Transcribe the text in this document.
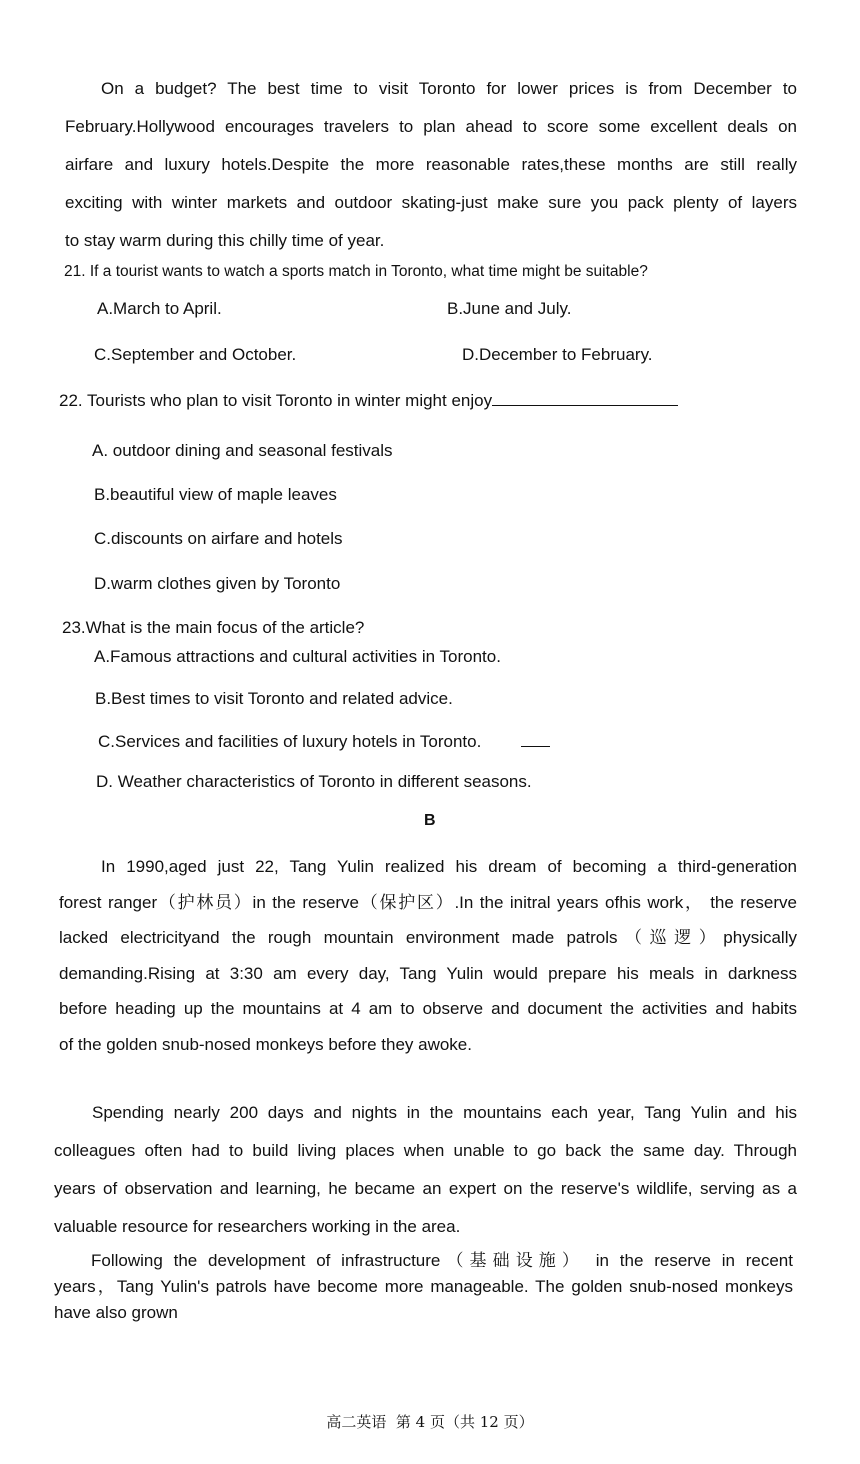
On a budget? The best time to visit Toronto for lower prices is from December to
February.Hollywood encourages travelers to plan ahead to score some excellent deals on
airfare and luxury hotels.Despite the more reasonable rates,these months are still really
exciting with winter markets and outdoor skating-just make sure you pack plenty of layers
to stay warm during this chilly time of year.
21. If a tourist wants to watch a sports match in Toronto, what time might be suitable?
A.March to April.	B.June and July.
C.September and October.	D.December to February.
22. Tourists who plan to visit Toronto in winter might enjoy
A. outdoor dining and seasonal festivals
B.beautiful view of maple leaves
C.discounts on airfare and hotels
D.warm clothes given by Toronto
23.What is the main focus of the article?
A.Famous attractions and cultural activities in Toronto.
B.Best times to visit Toronto and related advice.
C.Services and facilities of luxury hotels in Toronto.
D. Weather characteristics of Toronto in different seasons.
B
In 1990,aged just 22, Tang Yulin realized his dream of becoming a third-generation
forest ranger（护林员）in the reserve（保护区）.In the initral years ofhis work， the reserve
lacked electricityand the rough mountain environment made patrols（巡逻）physically
demanding.Rising at 3:30 am every day, Tang Yulin would prepare his meals in darkness
before heading up the mountains at 4 am to observe and document the activities and habits
of the golden snub-nosed monkeys before they awoke.
Spending nearly 200 days and nights in the mountains each year, Tang Yulin and his
colleagues often had to build living places when unable to go back the same day. Through
years of observation and learning, he became an expert on the reserve's wildlife, serving as a
valuable resource for researchers working in the area.
Following the development of infrastructure（基础设施） in the reserve in recent
years，Tang Yulin's patrols have become more manageable. The golden snub-nosed monkeys
have also grown
高二英语  第 4 页（共 12 页）
